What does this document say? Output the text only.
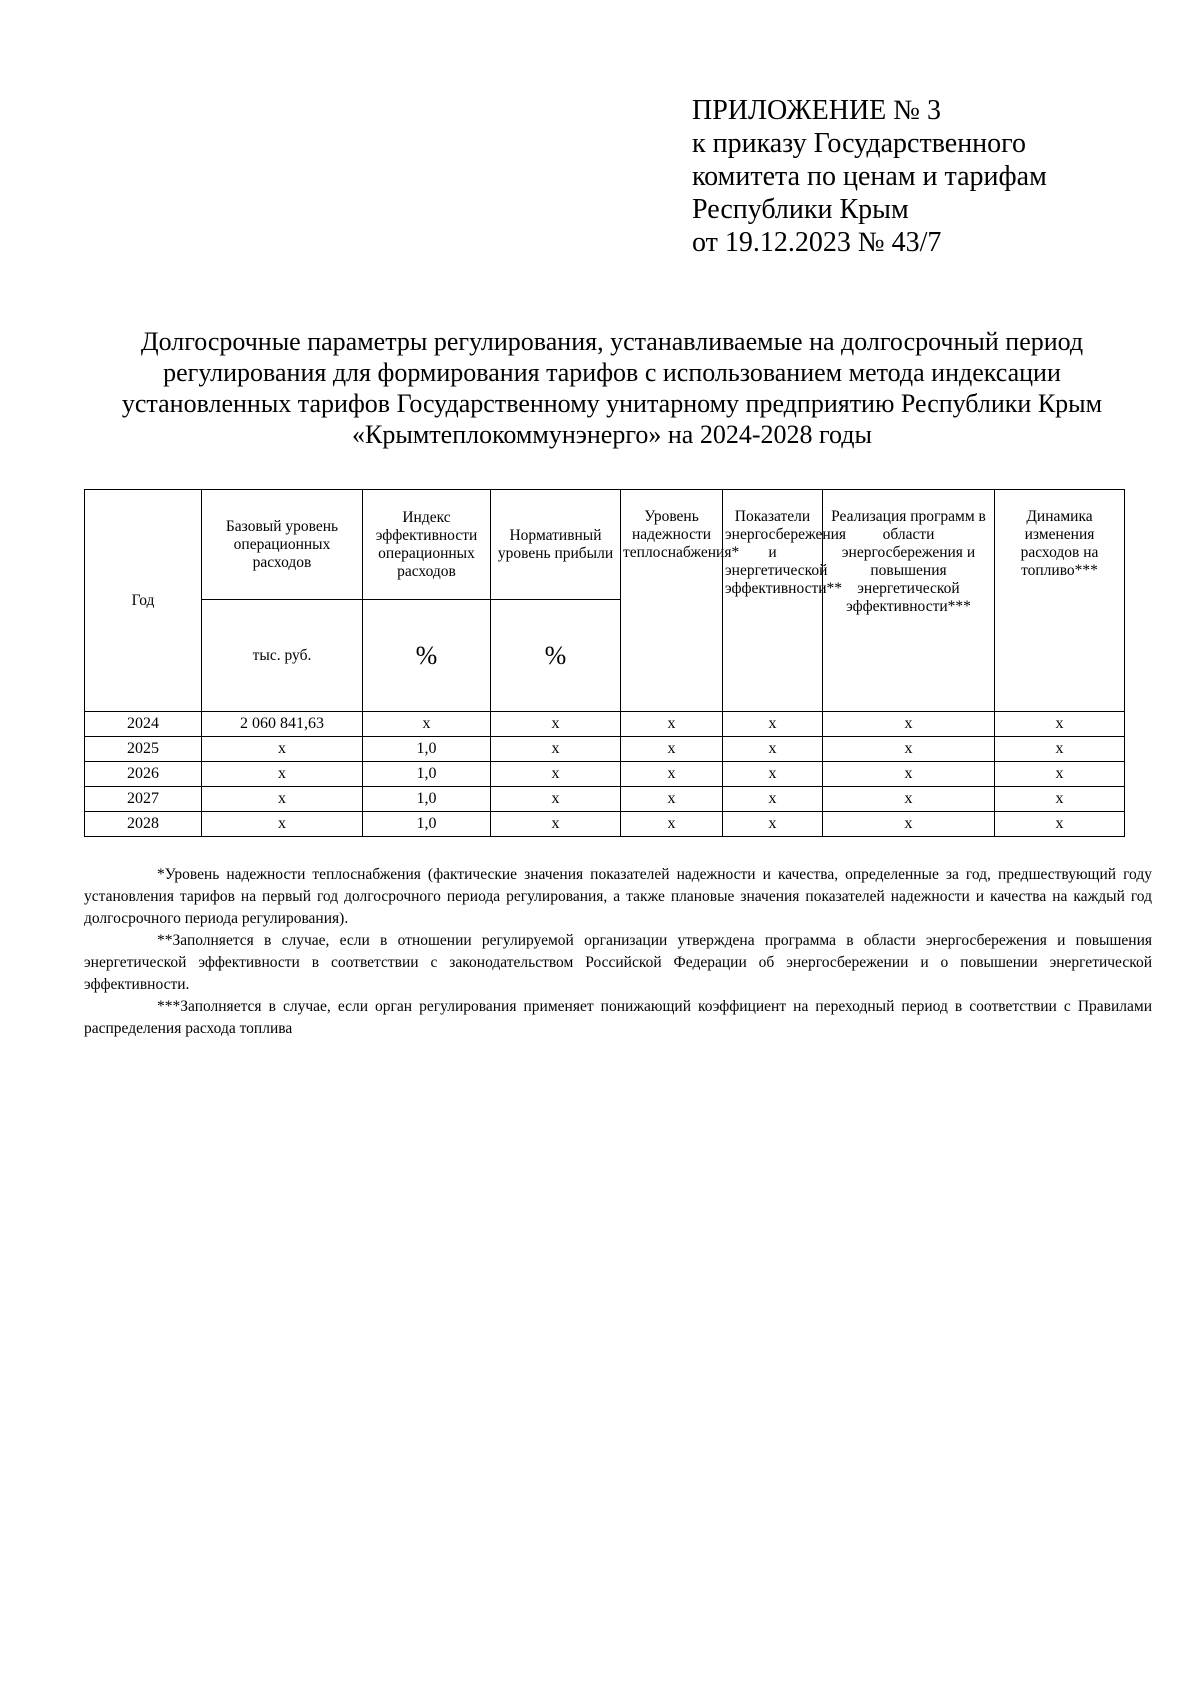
ПРИЛОЖЕНИЕ № 3
к приказу Государственного
комитета по ценам и тарифам
Республики Крым
от 19.12.2023 № 43/7
Долгосрочные параметры регулирования, устанавливаемые на долгосрочный период регулирования для формирования тарифов с использованием метода индексации установленных тарифов Государственному унитарному предприятию Республики Крым «Крымтеплокоммунэнерго» на 2024-2028 годы
Год	Базовый уровень операционных расходов	Индекс эффективности операционных расходов	Нормативный уровень прибыли	Уровень надежности теплоснабжения*	Показатели энергосбережения и энергетической эффективности**	Реализация программ в области энергосбережения и повышения энергетической эффективности***	Динамика изменения расходов на топливо***
	тыс. руб.	%	%				
2024	2 060 841,63	x	x	x	x	x	x
2025	x	1,0	x	x	x	x	x
2026	x	1,0	x	x	x	x	x
2027	x	1,0	x	x	x	x	x
2028	x	1,0	x	x	x	x	x

*Уровень надежности теплоснабжения (фактические значения показателей надежности и качества, определенные за год, предшествующий году установления тарифов на первый год долгосрочного периода регулирования, а также плановые значения показателей надежности и качества на каждый год долгосрочного периода регулирования).

**Заполняется в случае, если в отношении регулируемой организации утверждена программа в области энергосбережения и повышения энергетической эффективности в соответствии с законодательством Российской Федерации об энергосбережении и о повышении энергетической эффективности.

***Заполняется в случае, если орган регулирования применяет понижающий коэффициент на переходный период в соответствии с Правилами распределения расхода топлива
